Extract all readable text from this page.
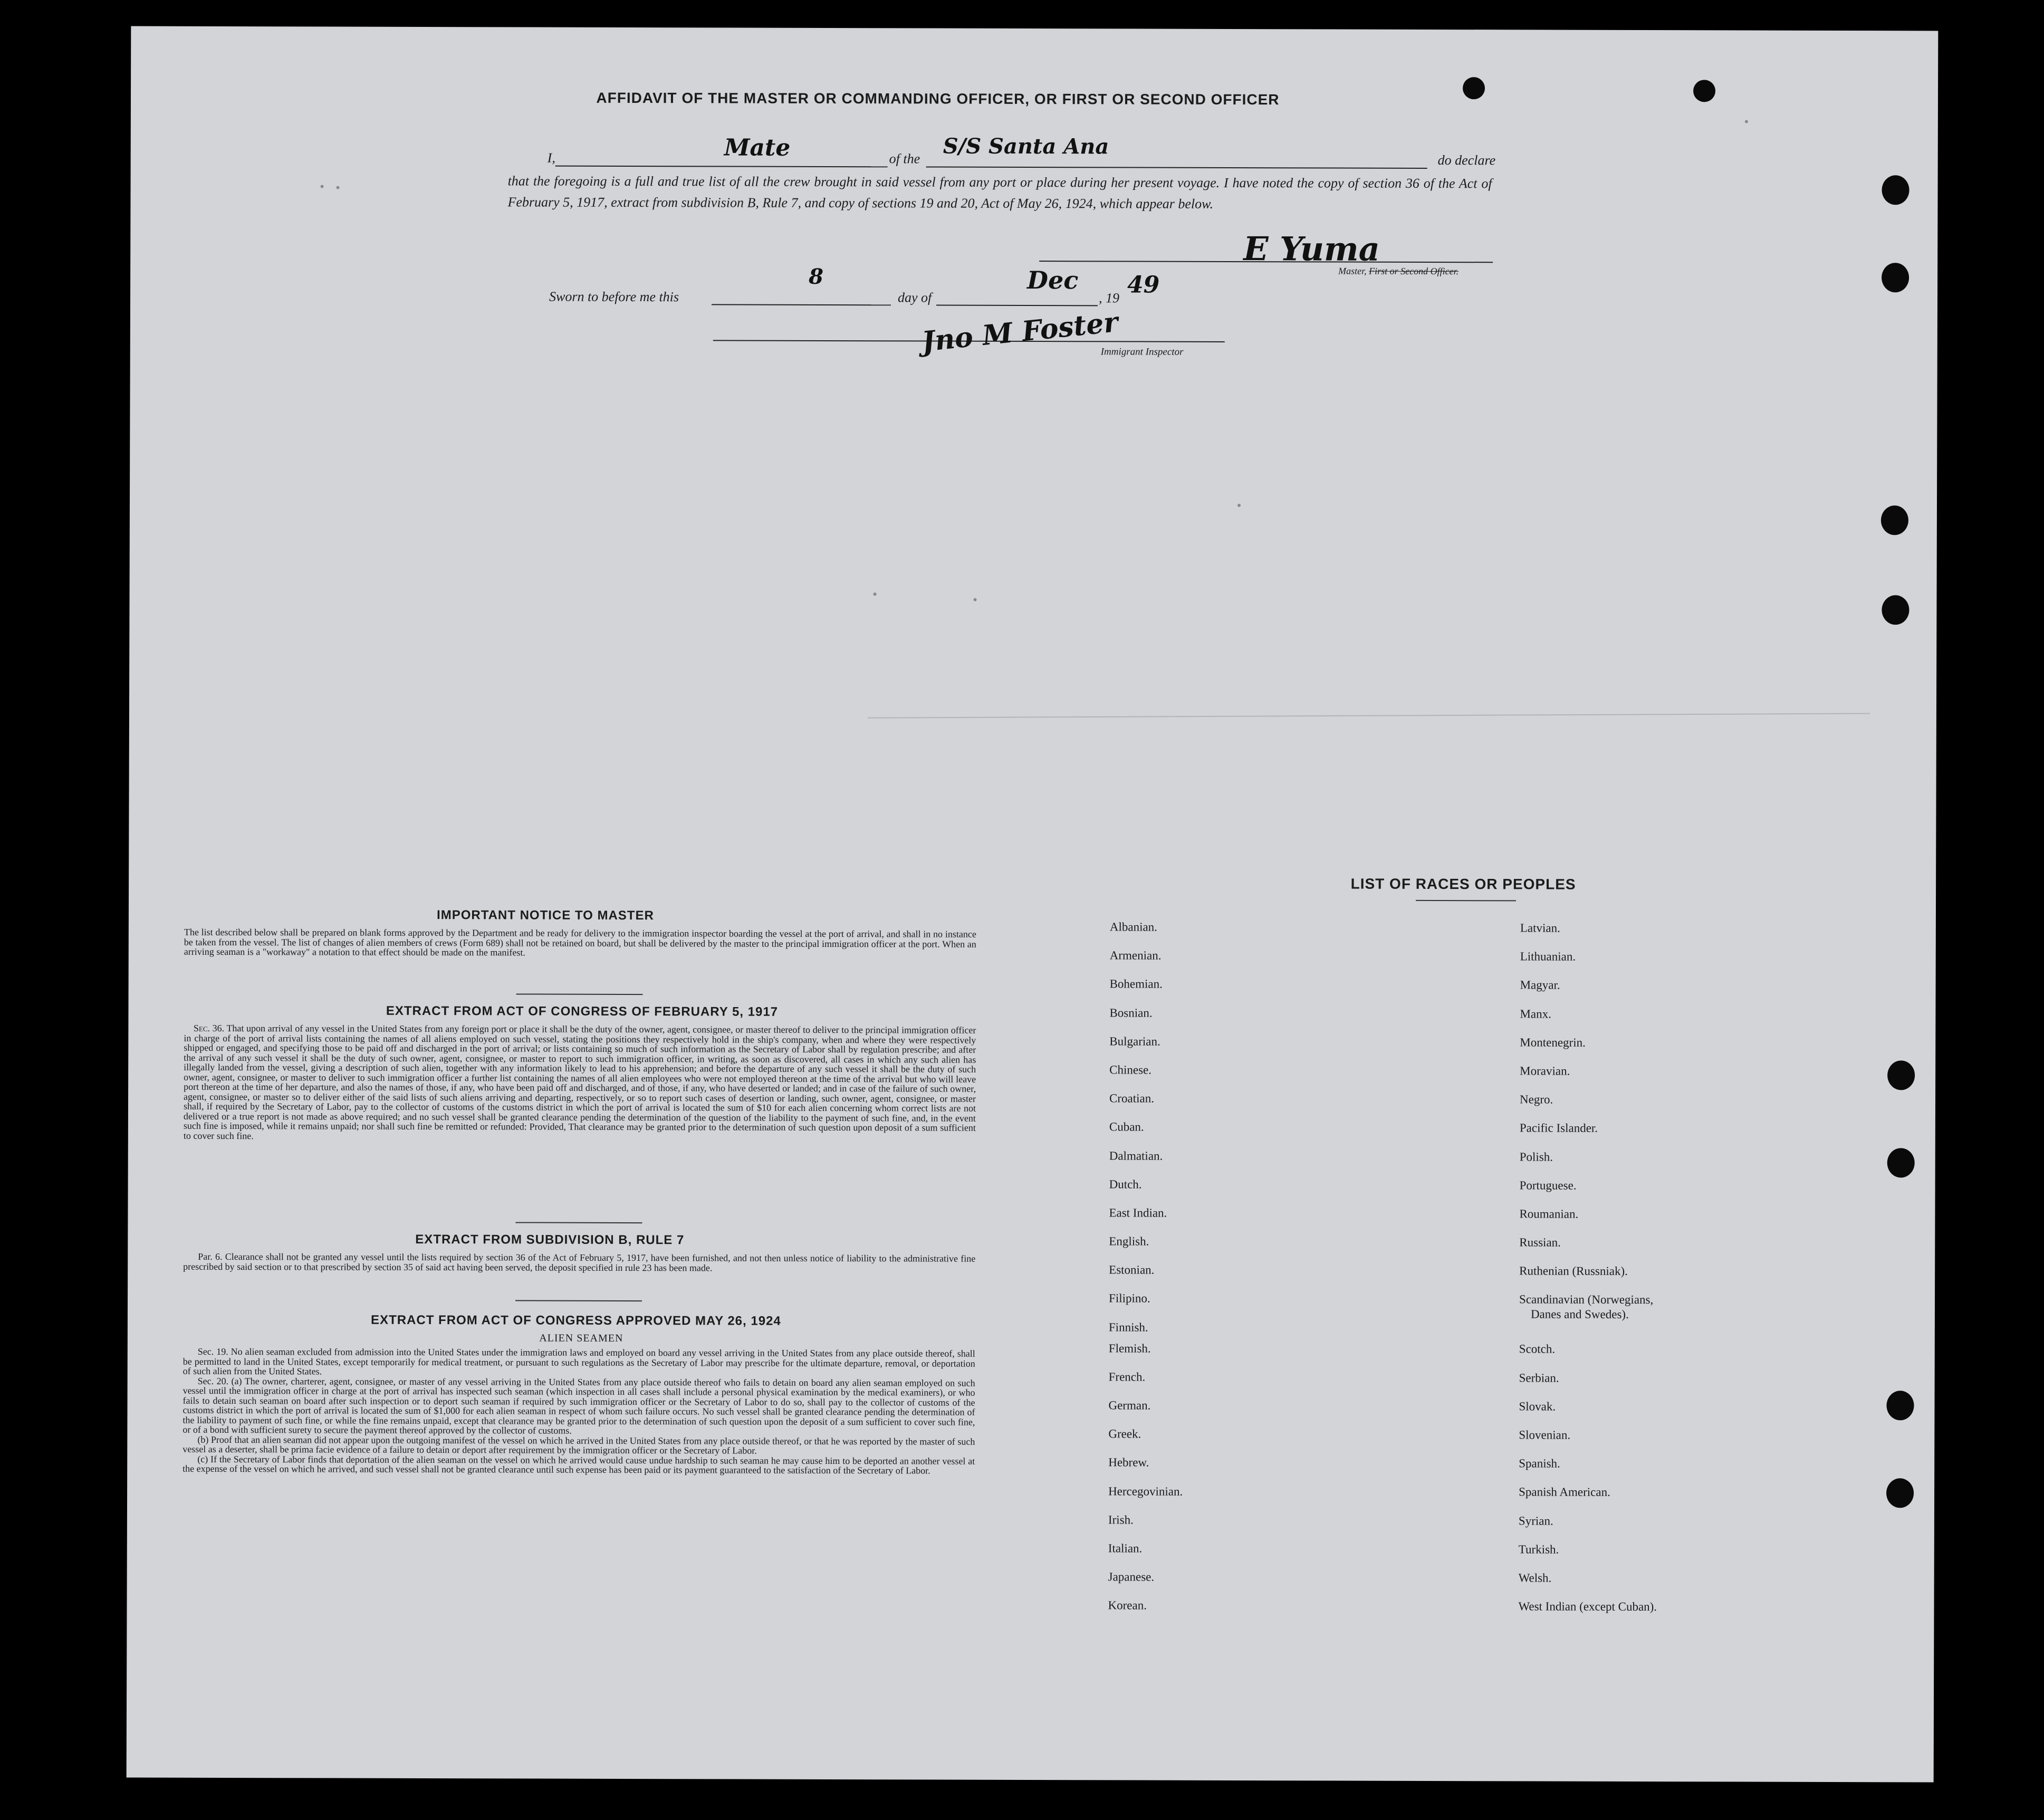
AFFIDAVIT OF THE MASTER OR COMMANDING OFFICER, OR FIRST OR SECOND OFFICER
I,	Mate	of the S/S Santa Ana
do declare
that the foregoing is a full and true list of all the crew brought in said vessel from any port or place during her present voyage. I have noted the copy of section 36 of the Act of February 5, 1917, extract from subdivision B, Rule 7, and copy of sections 19 and 20, Act of May 26, 1924, which appear below.
E Yuma
Master, First or Second Officer.
Sworn to before me this
8
day of
Dec
, 19 49
Jno M Foster
Immigrant Inspector
IMPORTANT NOTICE TO MASTER
The list described below shall be prepared on blank forms approved by the Department and be ready for delivery to the immigration inspector boarding the vessel at the port of arrival, and shall in no instance be taken from the vessel. The list of changes of alien members of crews (Form 689) shall not be retained on board, but shall be delivered by the master to the principal immigration officer at the port. When an arriving seaman is a "workaway" a notation to that effect should be made on the manifest.
EXTRACT FROM ACT OF CONGRESS OF FEBRUARY 5, 1917

Sec. 36. That upon arrival of any vessel in the United States from any foreign port or place it shall be the duty of the owner, agent, consignee, or master thereof to deliver to the principal immigration officer in charge of the port of arrival lists containing the names of all aliens employed on such vessel, stating the positions they respectively hold in the ship's company, when and where they were respectively shipped or engaged, and specifying those to be paid off and discharged in the port of arrival; or lists containing so much of such information as the Secretary of Labor shall by regulation prescribe; and after the arrival of any such vessel it shall be the duty of such owner, agent, consignee, or master to report to such immigration officer, in writing, as soon as discovered, all cases in which any such alien has illegally landed from the vessel, giving a description of such alien, together with any information likely to lead to his apprehension; and before the departure of any such vessel it shall be the duty of such owner, agent, consignee, or master to deliver to such immigration officer a further list containing the names of all alien employees who were not employed thereon at the time of the arrival but who will leave port thereon at the time of her departure, and also the names of those, if any, who have been paid off and discharged, and of those, if any, who have deserted or landed; and in case of the failure of such owner, agent, consignee, or master so to deliver either of the said lists of such aliens arriving and departing, respectively, or so to report such cases of desertion or landing, such owner, agent, consignee, or master shall, if required by the Secretary of Labor, pay to the collector of customs of the customs district in which the port of arrival is located the sum of $10 for each alien concerning whom correct lists are not delivered or a true report is not made as above required; and no such vessel shall be granted clearance pending the determination of the question of the liability to the payment of such fine, and, in the event such fine is imposed, while it remains unpaid; nor shall such fine be remitted or refunded: Provided, That clearance may be granted prior to the determination of such question upon deposit of a sum sufficient to cover such fine.

EXTRACT FROM SUBDIVISION B, RULE 7
Par. 6. Clearance shall not be granted any vessel until the lists required by section 36 of the Act of February 5, 1917, have been furnished, and not then unless notice of liability to the administrative fine prescribed by said section or to that prescribed by section 35 of said act having been served, the deposit specified in rule 23 has been made.
EXTRACT FROM ACT OF CONGRESS APPROVED MAY 26, 1924
ALIEN SEAMEN

Sec. 19. No alien seaman excluded from admission into the United States under the immigration laws and employed on board any vessel arriving in the United States from any place outside thereof, shall be permitted to land in the United States, except temporarily for medical treatment, or pursuant to such regulations as the Secretary of Labor may prescribe for the ultimate departure, removal, or deportation of such alien from the United States.

Sec. 20. (a) The owner, charterer, agent, consignee, or master of any vessel arriving in the United States from any place outside thereof who fails to detain on board any alien seaman employed on such vessel until the immigration officer in charge at the port of arrival has inspected such seaman (which inspection in all cases shall include a personal physical examination by the medical examiners), or who fails to detain such seaman on board after such inspection or to deport such seaman if required by such immigration officer or the Secretary of Labor to do so, shall pay to the collector of customs of the customs district in which the port of arrival is located the sum of $1,000 for each alien seaman in respect of whom such failure occurs. No such vessel shall be granted clearance pending the determination of the liability to payment of such fine, or while the fine remains unpaid, except that clearance may be granted prior to the determination of such question upon the deposit of a sum sufficient to cover such fine, or of a bond with sufficient surety to secure the payment thereof approved by the collector of customs.

(b) Proof that an alien seaman did not appear upon the outgoing manifest of the vessel on which he arrived in the United States from any place outside thereof, or that he was reported by the master of such vessel as a deserter, shall be prima facie evidence of a failure to detain or deport after requirement by the immigration officer or the Secretary of Labor.

(c) If the Secretary of Labor finds that deportation of the alien seaman on the vessel on which he arrived would cause undue hardship to such seaman he may cause him to be deported an another vessel at the expense of the vessel on which he arrived, and such vessel shall not be granted clearance until such expense has been paid or its payment guaranteed to the satisfaction of the Secretary of Labor.

LIST OF RACES OR PEOPLES
Albanian.
Armenian.
Bohemian.
Bosnian.
Bulgarian.
Chinese.
Croatian.
Cuban.
Dalmatian.
Dutch.
East Indian.
English.
Estonian.
Filipino.
Finnish.
Flemish.
French.
German.
Greek.
Hebrew.
Hercegovinian.
Irish.
Italian.
Japanese.
Korean.
Latvian.
Lithuanian.
Magyar.
Manx.
Montenegrin.
Moravian.
Negro.
Pacific Islander.
Polish.
Portuguese.
Roumanian.
Russian.
Ruthenian (Russniak).
Scandinavian (Norwegians,
Danes and Swedes).
Scotch.
Serbian.
Slovak.
Slovenian.
Spanish.
Spanish American.
Syrian.
Turkish.
Welsh.
West Indian (except Cuban).
